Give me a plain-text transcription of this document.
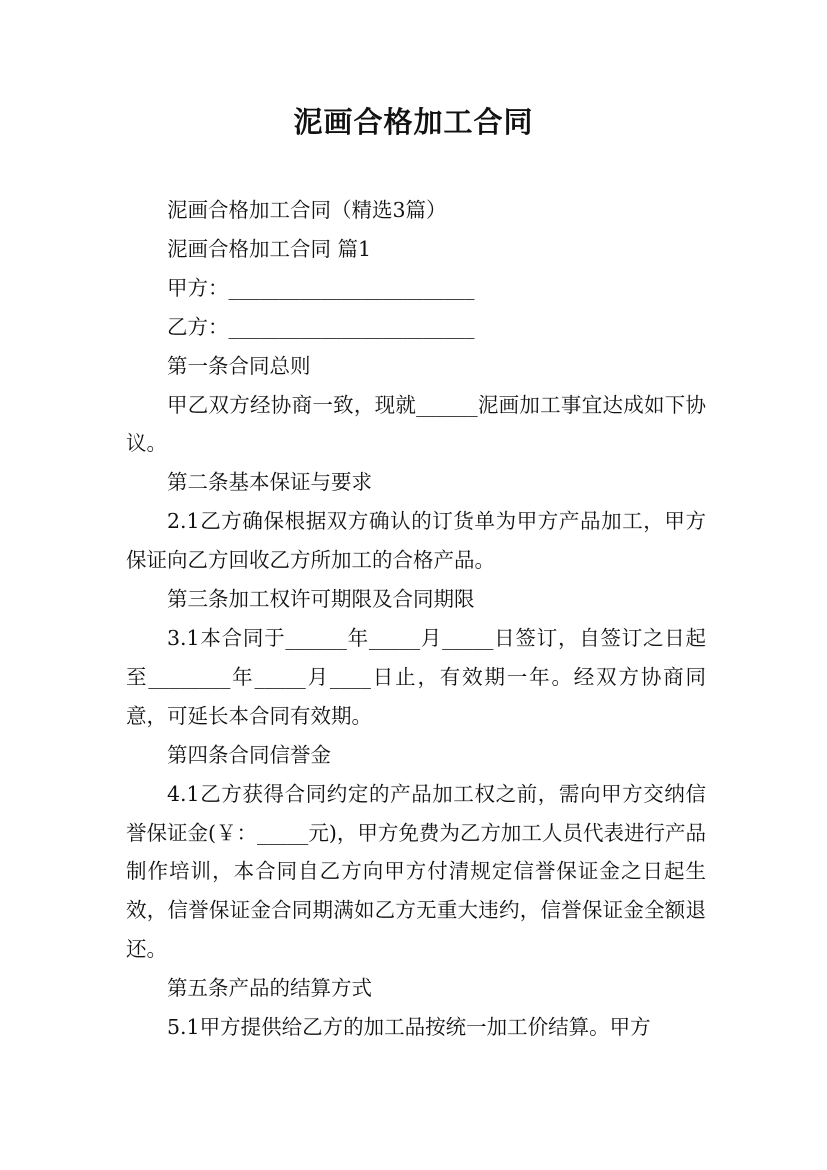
泥画合格加工合同

泥画合格加工合同（精选3篇）

泥画合格加工合同 篇1

甲方：________________________

乙方：________________________

第一条合同总则

甲乙双方经协商一致，现就______泥画加工事宜达成如下协议。

第二条基本保证与要求

2.1乙方确保根据双方确认的订货单为甲方产品加工，甲方保证向乙方回收乙方所加工的合格产品。

第三条加工权许可期限及合同期限

3.1本合同于______年_____月_____日签订，自签订之日起至________年_____月____日止，有效期一年。经双方协商同意，可延长本合同有效期。

第四条合同信誉金

4.1乙方获得合同约定的产品加工权之前，需向甲方交纳信誉保证金(￥：_____元)，甲方免费为乙方加工人员代表进行产品制作培训，本合同自乙方向甲方付清规定信誉保证金之日起生效，信誉保证金合同期满如乙方无重大违约，信誉保证金全额退还。

第五条产品的结算方式

5.1甲方提供给乙方的加工品按统一加工价结算。甲方
